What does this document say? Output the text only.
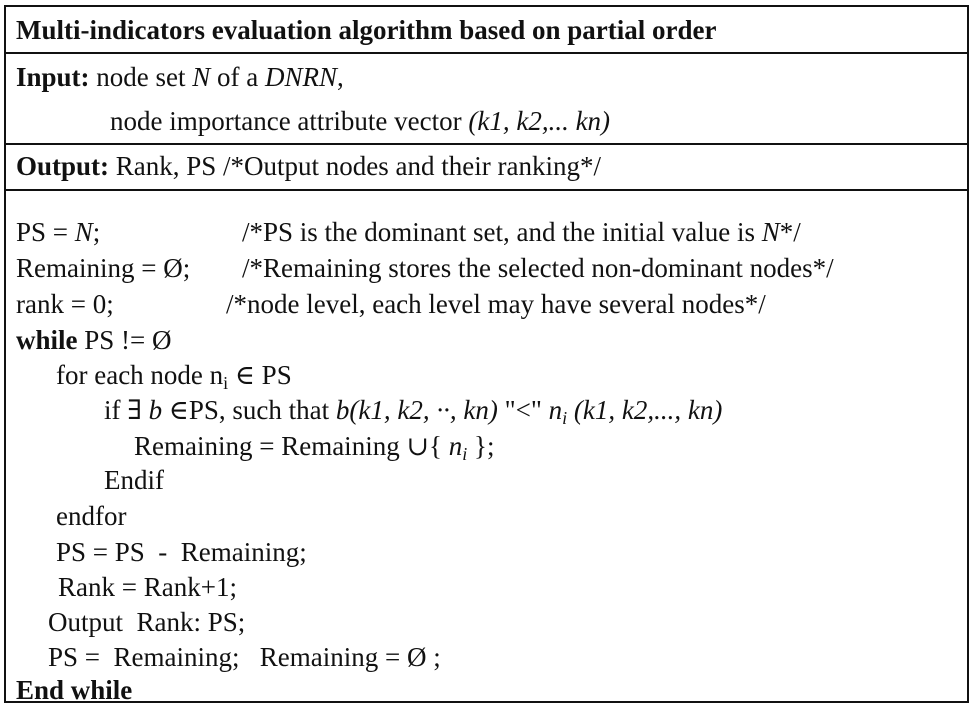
Multi-indicators evaluation algorithm based on partial order
Input: node set N of a DNRN,
node importance attribute vector (k1, k2,... kn)
Output: Rank, PS /*Output nodes and their ranking*/
PS = N;	/*PS is the dominant set, and the initial value is N*/
Remaining = Ø; /*Remaining stores the selected non-dominant nodes*/
rank = 0;	/*node level, each level may have several nodes*/
while PS != Ø
for each node $n_i$ ∈ PS
if ∃ b ∈PS, such that b(k1, k2, ··, kn) "<" $n_i$ (k1, k2,..., kn)
Remaining = Remaining ∪{ $n_i$ };
Endif
endfor
PS = PS  -  Remaining;
Rank = Rank+1;
Output  Rank: PS;
PS =  Remaining;   Remaining = Ø ;
End while
